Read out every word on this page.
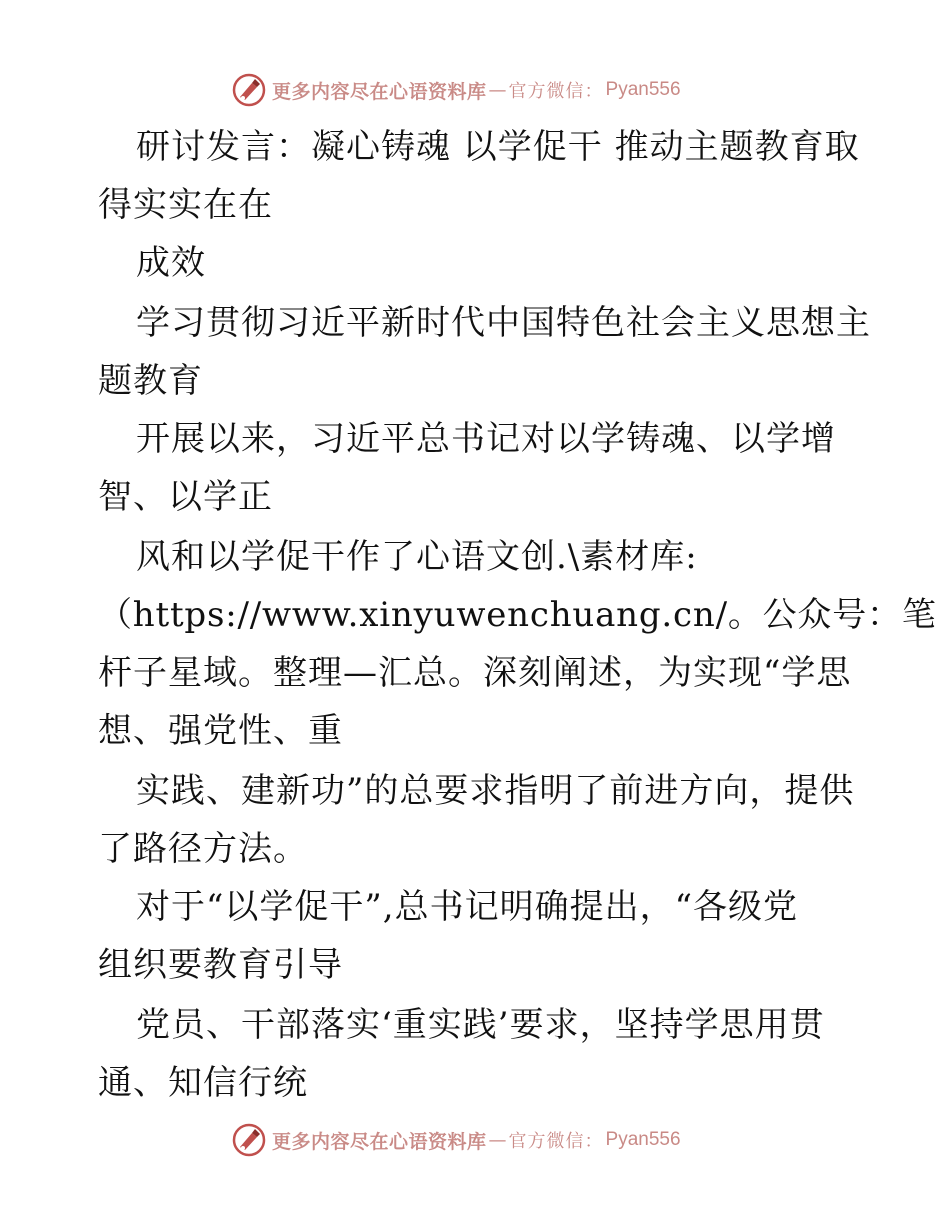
更多内容尽在心语资料库 — 官方微信： Pyan556
研讨发言：凝心铸魂 以学促干 推动主题教育取
得实实在在
成效
学习贯彻习近平新时代中国特色社会主义思想主
题教育
开展以来，习近平总书记对以学铸魂、以学增
智、以学正
风和以学促干作了心语文创.\素材库:
（https://www.xinyuwenchuang.cn/。公众号：笔
杆子星域。整理—汇总。深刻阐述，为实现“学思
想、强党性、重
实践、建新功”的总要求指明了前进方向，提供
了路径方法。
对于“以学促干”,总书记明确提出，“各级党
组织要教育引导
党员、干部落实‘重实践’要求，坚持学思用贯
通、知信行统
更多内容尽在心语资料库 — 官方微信： Pyan556
